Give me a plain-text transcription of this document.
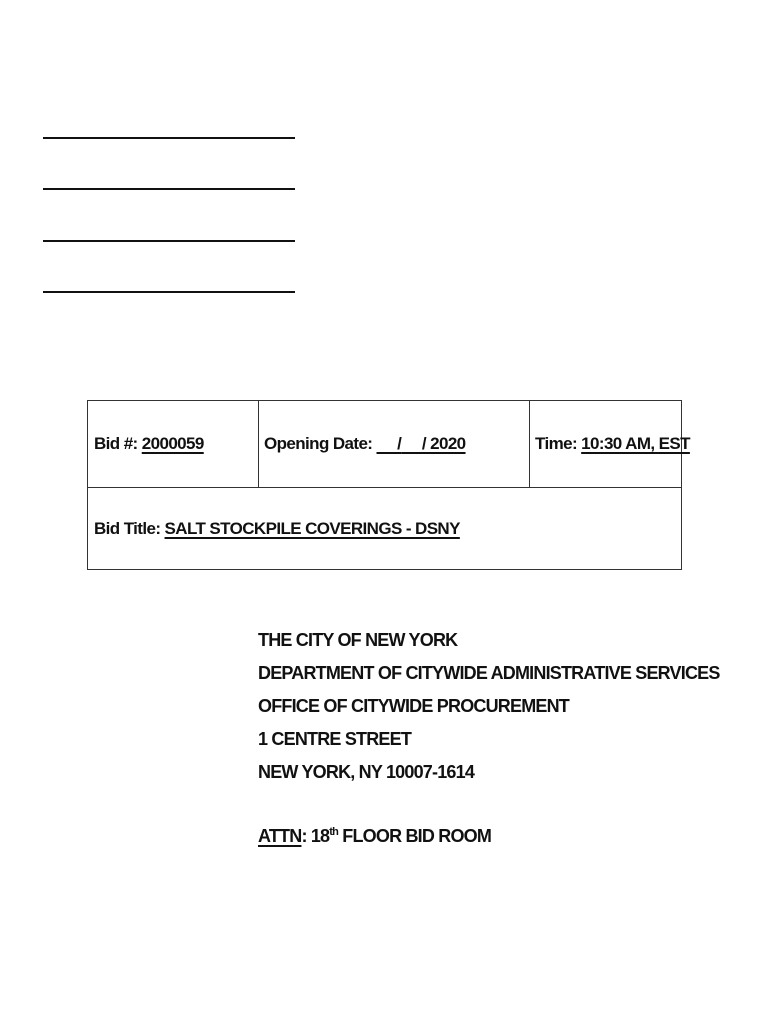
Bid #: 2000059	Opening Date:      /     / 2020	Time: 10:30 AM, EST
Bid Title: SALT STOCKPILE COVERINGS - DSNY
THE CITY OF NEW YORK
DEPARTMENT OF CITYWIDE ADMINISTRATIVE SERVICES
OFFICE OF CITYWIDE PROCUREMENT
1 CENTRE STREET
NEW YORK, NY 10007-1614
ATTN: 18th FLOOR BID ROOM
